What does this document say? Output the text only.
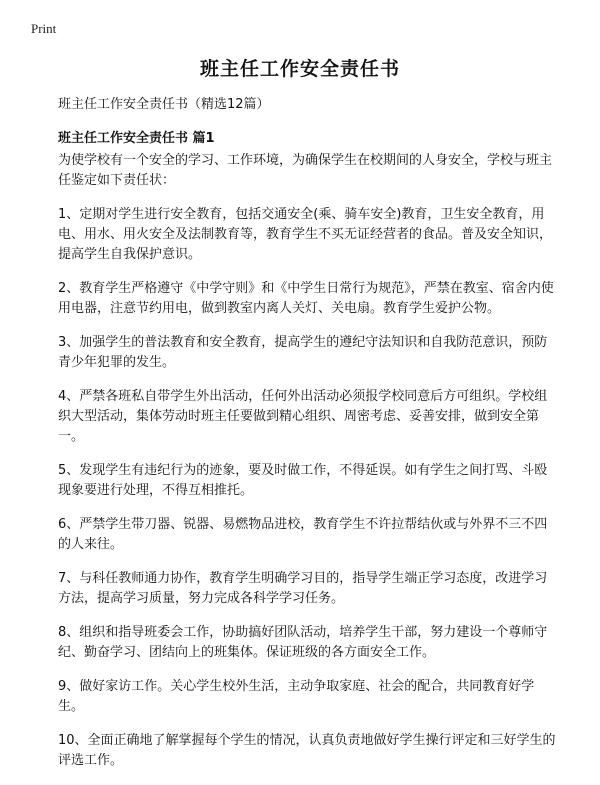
Print
班主任工作安全责任书

班主任工作安全责任书（精选12篇）

班主任工作安全责任书 篇1

为使学校有一个安全的学习、工作环境，为确保学生在校期间的人身安全，学校与班主任鉴定如下责任状：

1、定期对学生进行安全教育，包括交通安全(乘、骑车安全)教育，卫生安全教育，用电、用水、用火安全及法制教育等，教育学生不买无证经营者的食品。普及安全知识，提高学生自我保护意识。

2、教育学生严格遵守《中学守则》和《中学生日常行为规范》，严禁在教室、宿舍内使用电器，注意节约用电，做到教室内离人关灯、关电扇。教育学生爱护公物。

3、加强学生的普法教育和安全教育，提高学生的遵纪守法知识和自我防范意识，预防青少年犯罪的发生。

4、严禁各班私自带学生外出活动，任何外出活动必须报学校同意后方可组织。学校组织大型活动，集体劳动时班主任要做到精心组织、周密考虑、妥善安排，做到安全第一。

5、发现学生有违纪行为的迹象，要及时做工作，不得延误。如有学生之间打骂、斗殴现象要进行处理，不得互相推托。

6、严禁学生带刀器、锐器、易燃物品进校，教育学生不许拉帮结伙或与外界不三不四的人来往。

7、与科任教师通力协作，教育学生明确学习目的，指导学生端正学习态度，改进学习方法，提高学习质量，努力完成各科学学习任务。

8、组织和指导班委会工作，协助搞好团队活动，培养学生干部，努力建设一个尊师守纪、勤奋学习、团结向上的班集体。保证班级的各方面安全工作。

9、做好家访工作。关心学生校外生活，主动争取家庭、社会的配合，共同教育好学生。

10、全面正确地了解掌握每个学生的情况，认真负责地做好学生操行评定和三好学生的评选工作。
